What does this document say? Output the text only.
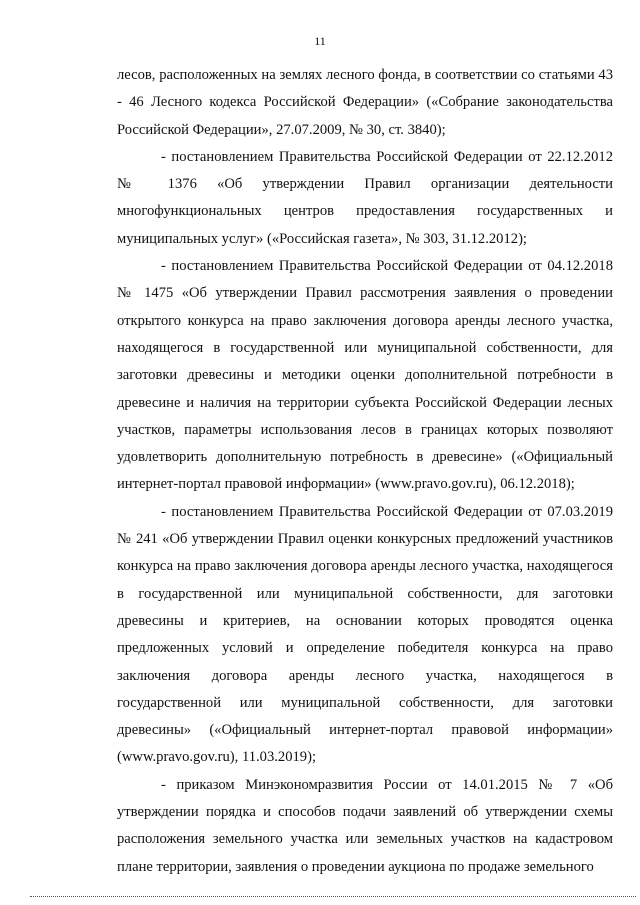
11

лесов, расположенных на землях лесного фонда, в соответствии со статьями 43 - 46 Лесного кодекса Российской Федерации» («Собрание законодательства Российской Федерации», 27.07.2009, № 30, ст. 3840);

- постановлением Правительства Российской Федерации от 22.12.2012 № 1376 «Об утверждении Правил организации деятельности многофункциональных центров предоставления государственных и муниципальных услуг» («Российская газета», № 303, 31.12.2012);

- постановлением Правительства Российской Федерации от 04.12.2018 № 1475 «Об утверждении Правил рассмотрения заявления о проведении открытого конкурса на право заключения договора аренды лесного участка, находящегося в государственной или муниципальной собственности, для заготовки древесины и методики оценки дополнительной потребности в древесине и наличия на территории субъекта Российской Федерации лесных участков, параметры использования лесов в границах которых позволяют удовлетворить дополнительную потребность в древесине» («Официальный интернет-портал правовой информации» (www.pravo.gov.ru), 06.12.2018);

- постановлением Правительства Российской Федерации от 07.03.2019 № 241 «Об утверждении Правил оценки конкурсных предложений участников конкурса на право заключения договора аренды лесного участка, находящегося в государственной или муниципальной собственности, для заготовки древесины и критериев, на основании которых проводятся оценка предложенных условий и определение победителя конкурса на право заключения договора аренды лесного участка, находящегося в государственной или муниципальной собственности, для заготовки древесины» («Официальный интернет-портал правовой информации» (www.pravo.gov.ru), 11.03.2019);

- приказом Минэкономразвития России от 14.01.2015 № 7 «Об утверждении порядка и способов подачи заявлений об утверждении схемы расположения земельного участка или земельных участков на кадастровом плане территории, заявления о проведении аукциона по продаже земельного
